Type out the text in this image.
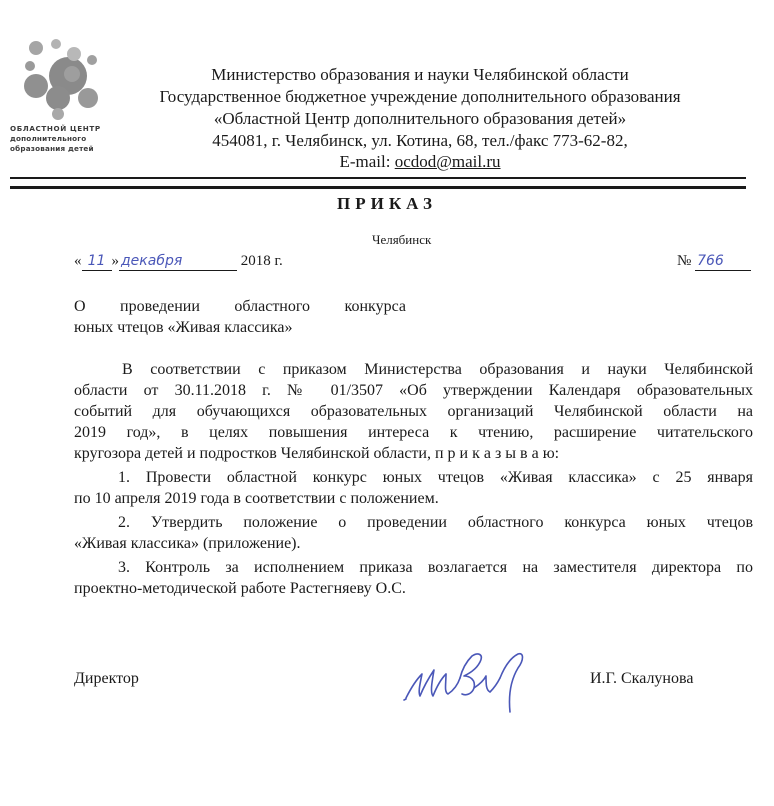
ОБЛАСТНОЙ ЦЕНТР
дополнительного
образования детей
Министерство образования и науки Челябинской области
Государственное бюджетное учреждение дополнительного образования
«Областной Центр дополнительного образования детей»
454081, г. Челябинск, ул. Котина, 68, тел./факс 773-62-82,
E-mail: ocdod@mail.ru
ПРИКАЗ
Челябинск
« 11 » декабря	2018 г.	№ 766
О проведении областного конкурса
юных чтецов «Живая классика»
В соответствии с приказом Министерства образования и науки Челябинской
области от 30.11.2018 г. № 01/3507 «Об утверждении Календаря образовательных
событий для обучающихся образовательных организаций Челябинской области на
2019 год», в целях повышения интереса к чтению, расширение читательского
кругозора детей и подростков Челябинской области, п р и к а з ы в а ю:
1. Провести областной конкурс юных чтецов «Живая классика» с 25 января
по 10 апреля 2019 года в соответствии с положением.
2. Утвердить положение о проведении областного конкурса юных чтецов
«Живая классика» (приложение).
3. Контроль за исполнением приказа возлагается на заместителя директора по
проектно-методической работе Растегняеву О.С.
Директор	И.Г. Скалунова
